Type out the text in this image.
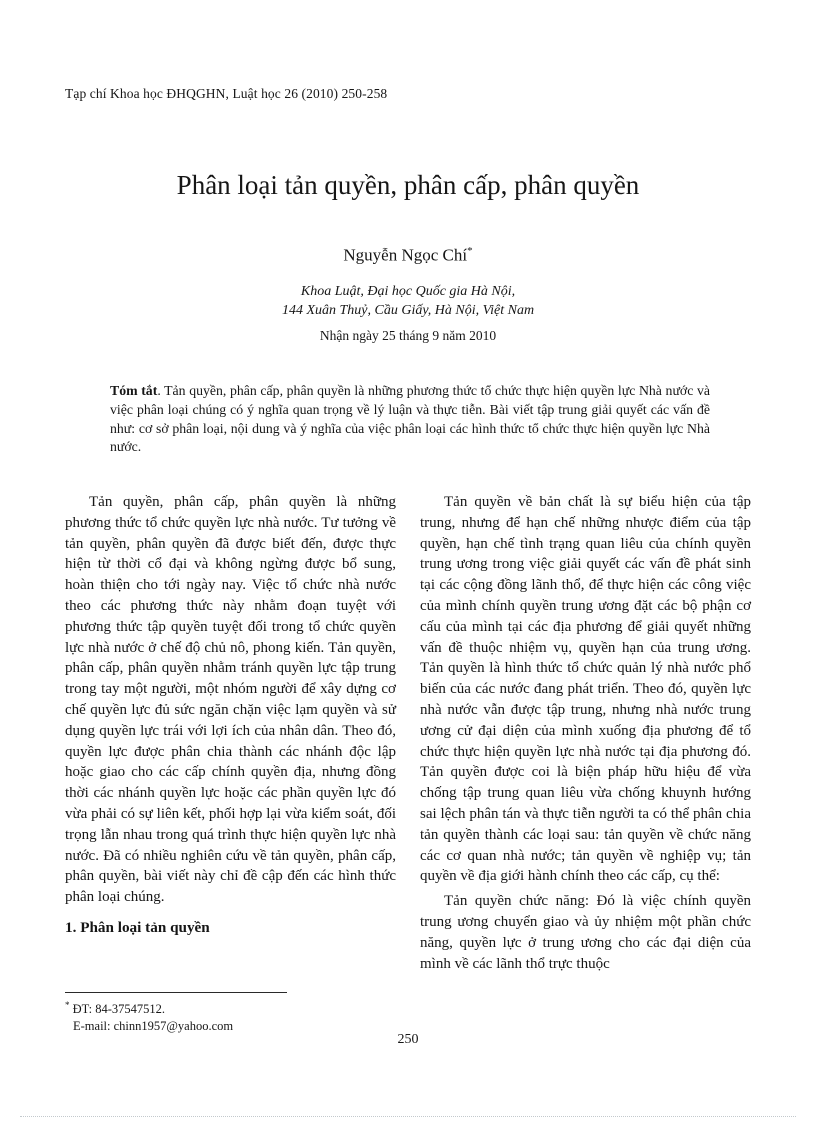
Tạp chí Khoa học ĐHQGHN, Luật học 26 (2010) 250-258
Phân loại tản quyền, phân cấp, phân quyền
Nguyễn Ngọc Chí*
Khoa Luật, Đại học Quốc gia Hà Nội,
144 Xuân Thuỷ, Cầu Giấy, Hà Nội, Việt Nam
Nhận ngày 25 tháng 9 năm 2010
Tóm tắt. Tản quyền, phân cấp, phân quyền là những phương thức tổ chức thực hiện quyền lực Nhà nước và việc phân loại chúng có ý nghĩa quan trọng về lý luận và thực tiễn. Bài viết tập trung giải quyết các vấn đề như: cơ sở phân loại, nội dung và ý nghĩa của việc phân loại các hình thức tổ chức thực hiện quyền lực Nhà nước.

Tản quyền, phân cấp, phân quyền là những phương thức tổ chức quyền lực nhà nước. Tư tưởng về tản quyền, phân quyền đã được biết đến, được thực hiện từ thời cổ đại và không ngừng được bổ sung, hoàn thiện cho tới ngày nay. Việc tổ chức nhà nước theo các phương thức này nhằm đoạn tuyệt với phương thức tập quyền tuyệt đối trong tổ chức quyền lực nhà nước ở chế độ chủ nô, phong kiến. Tản quyền, phân cấp, phân quyền nhằm tránh quyền lực tập trung trong tay một người, một nhóm người để xây dựng cơ chế quyền lực đủ sức ngăn chặn việc lạm quyền và sử dụng quyền lực trái với lợi ích của nhân dân. Theo đó, quyền lực được phân chia thành các nhánh độc lập hoặc giao cho các cấp chính quyền địa, nhưng đồng thời các nhánh quyền lực hoặc các phần quyền lực đó vừa phải có sự liên kết, phối hợp lại vừa kiểm soát, đối trọng lẫn nhau trong quá trình thực hiện quyền lực nhà nước. Đã có nhiều nghiên cứu về tản quyền, phân cấp, phân quyền, bài viết này chỉ đề cập đến các hình thức phân loại chúng.

1. Phân loại tản quyền

Tản quyền về bản chất là sự biểu hiện của tập trung, nhưng để hạn chế những nhược điểm của tập quyền, hạn chế tình trạng quan liêu của chính quyền trung ương trong việc giải quyết các vấn đề phát sinh tại các cộng đồng lãnh thổ, để thực hiện các công việc của mình chính quyền trung ương đặt các bộ phận cơ cấu của mình tại các địa phương để giải quyết những vấn đề thuộc nhiệm vụ, quyền hạn của trung ương. Tản quyền là hình thức tổ chức quản lý nhà nước phổ biến của các nước đang phát triển. Theo đó, quyền lực nhà nước vẫn được tập trung, nhưng nhà nước trung ương cử đại diện của mình xuống địa phương để tổ chức thực hiện quyền lực nhà nước tại địa phương đó. Tản quyền được coi là biện pháp hữu hiệu để vừa chống tập trung quan liêu vừa chống khuynh hướng sai lệch phân tán và thực tiễn người ta có thể phân chia tản quyền thành các loại sau: tản quyền về chức năng các cơ quan nhà nước; tản quyền về nghiệp vụ; tản quyền về địa giới hành chính theo các cấp, cụ thể:

Tản quyền chức năng: Đó là việc chính quyền trung ương chuyển giao và ủy nhiệm một phần chức năng, quyền lực ở trung ương cho các đại diện của mình về các lãnh thổ trực thuộc

* ĐT: 84-37547512.
E-mail: chinn1957@yahoo.com
250
